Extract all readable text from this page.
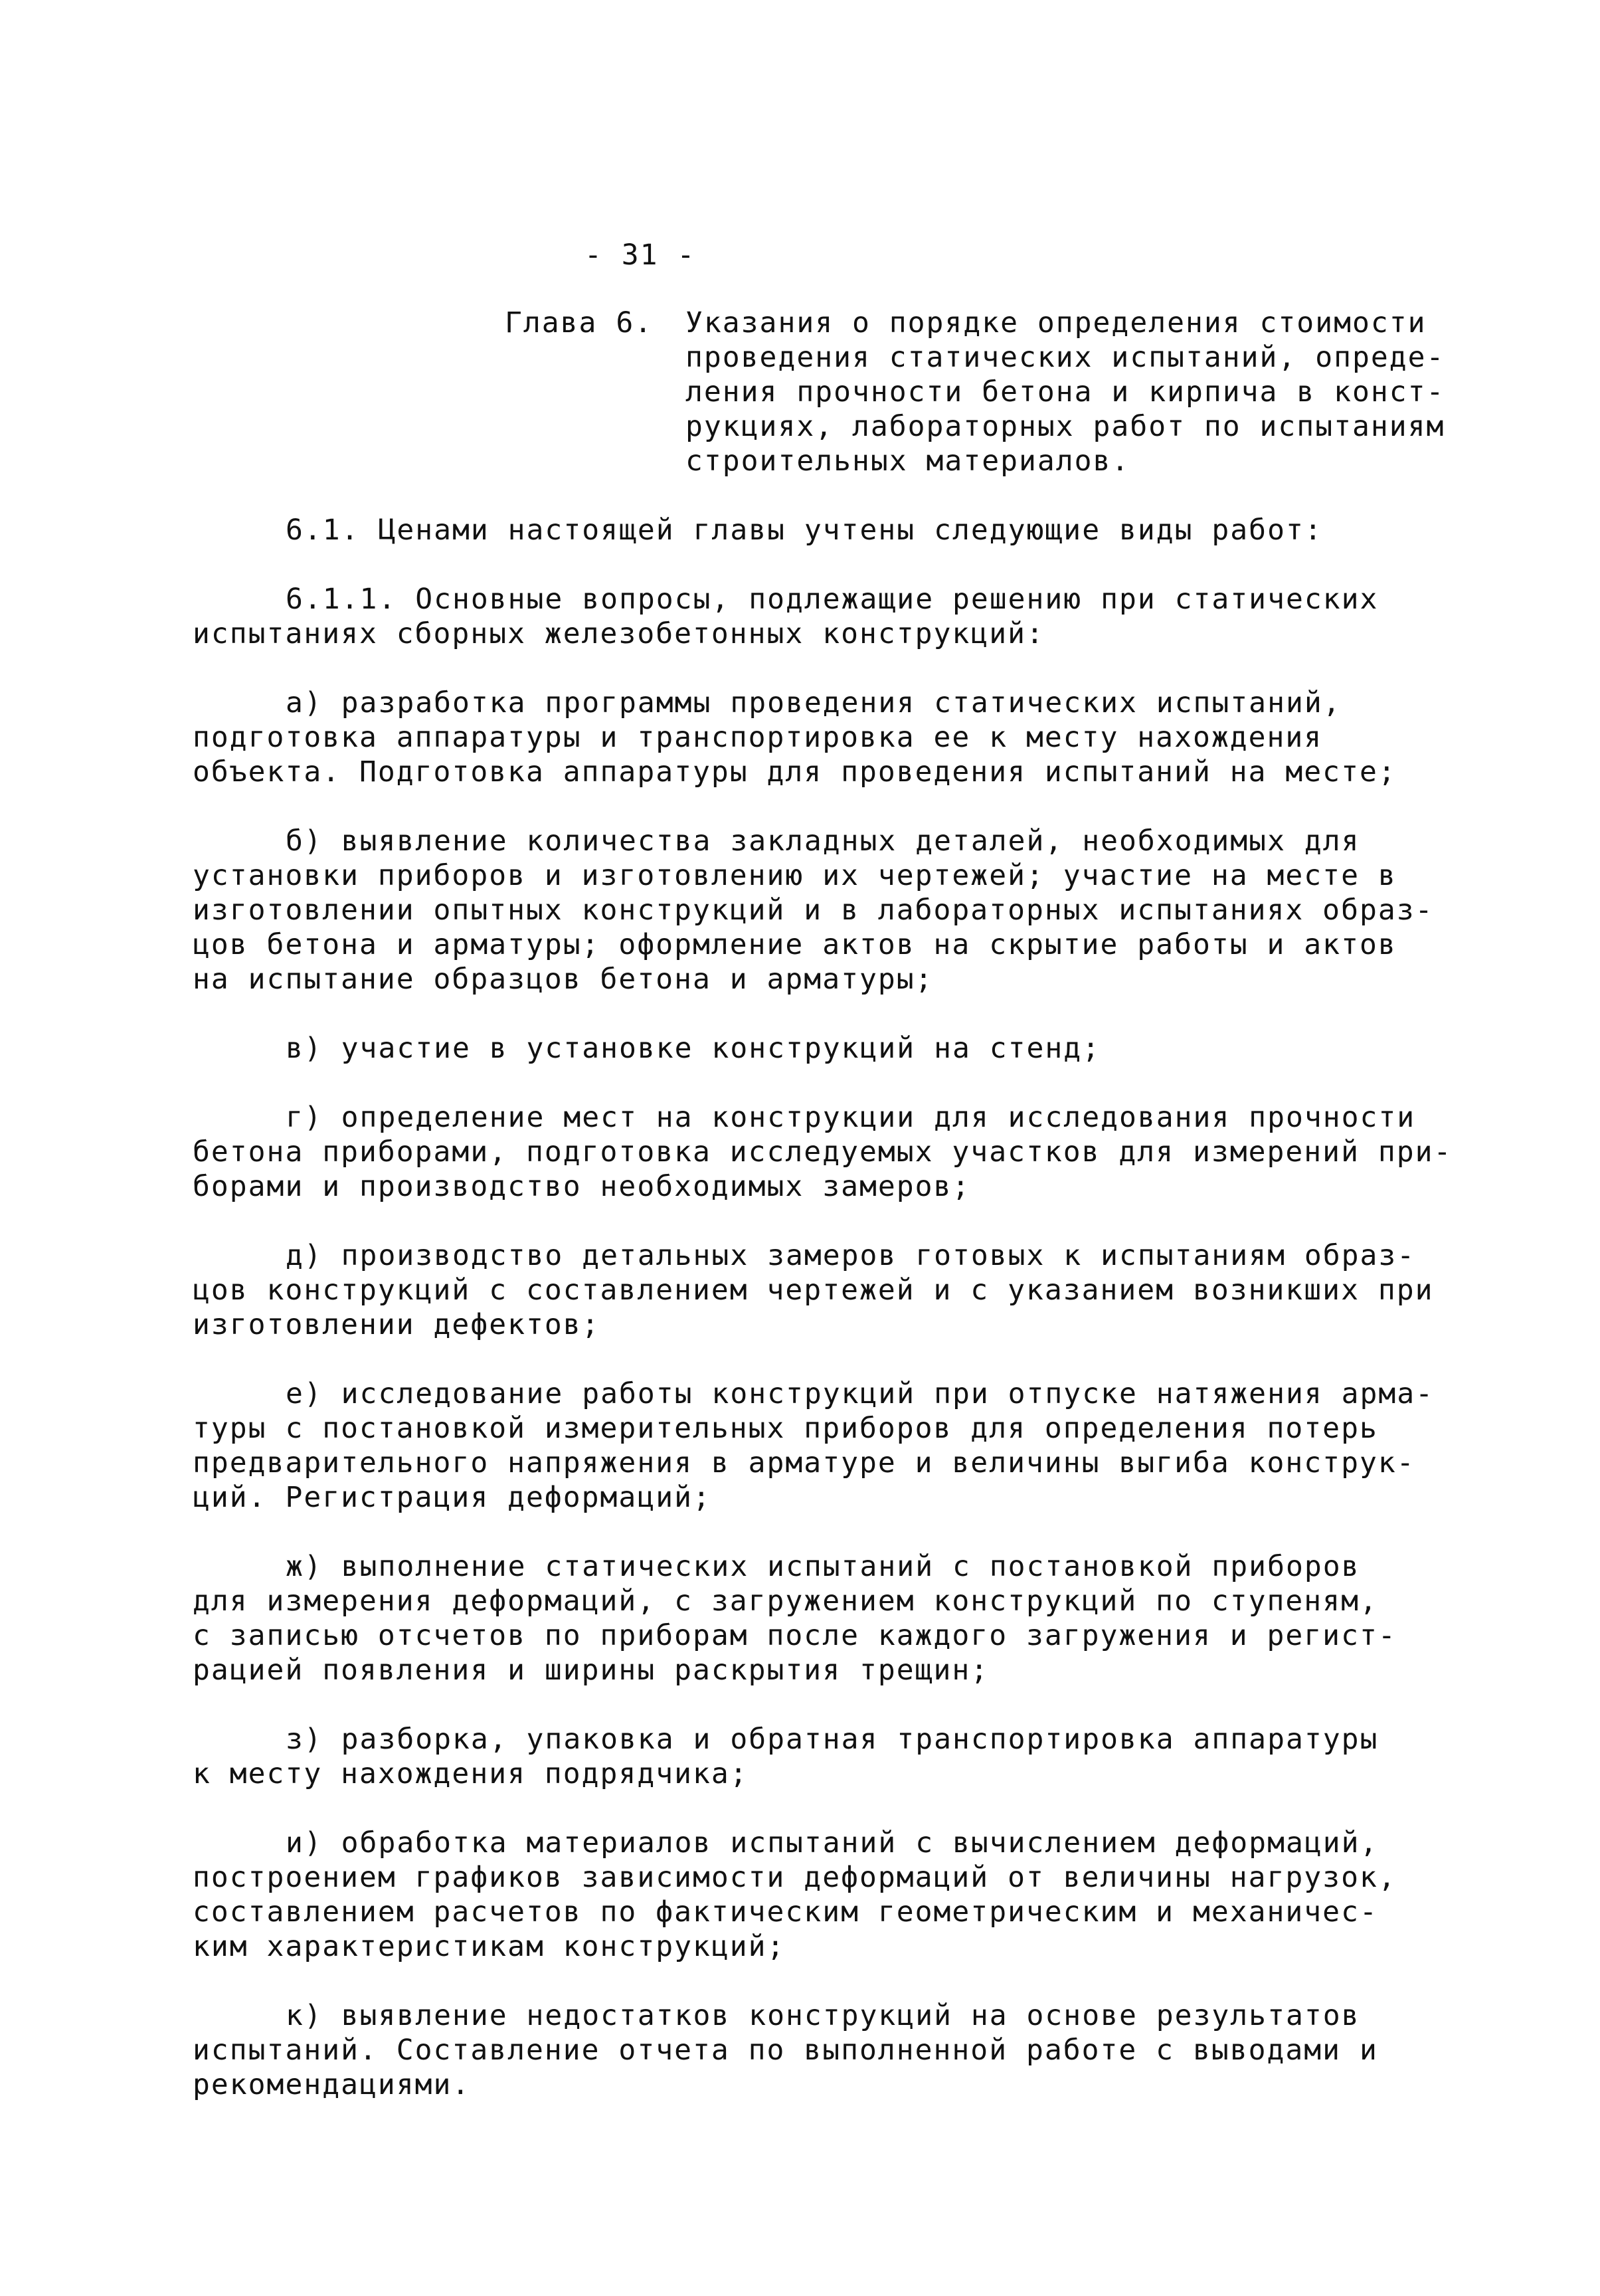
- 31 -

Глава 6. Указания о порядке определения стоимости

проведения статических испытаний, опреде-

ления прочности бетона и кирпича в конст-

рукциях, лабораторных работ по испытаниям

строительных материалов.

6.1. Ценами настоящей главы учтены следующие виды работ:

6.1.1. Основные вопросы, подлежащие решению при статических

испытаниях сборных железобетонных конструкций:

а) разработка программы проведения статических испытаний,

подготовка аппаратуры и транспортировка ее к месту нахождения

объекта. Подготовка аппаратуры для проведения испытаний на месте;

б) выявление количества закладных деталей, необходимых для

установки приборов и изготовлению их чертежей; участие на месте в

изготовлении опытных конструкций и в лабораторных испытаниях образ-

цов бетона и арматуры; оформление актов на скрытие работы и актов

на испытание образцов бетона и арматуры;

в) участие в установке конструкций на стенд;

г) определение мест на конструкции для исследования прочности

бетона приборами, подготовка исследуемых участков для измерений при-

борами и производство необходимых замеров;

д) производство детальных замеров готовых к испытаниям образ-

цов конструкций с составлением чертежей и с указанием возникших при

изготовлении дефектов;

е) исследование работы конструкций при отпуске натяжения арма-

туры с постановкой измерительных приборов для определения потерь

предварительного напряжения в арматуре и величины выгиба конструк-

ций. Регистрация деформаций;

ж) выполнение статических испытаний с постановкой приборов

для измерения деформаций, с загружением конструкций по ступеням,

с записью отсчетов по приборам после каждого загружения и регист-

рацией появления и ширины раскрытия трещин;

з) разборка, упаковка и обратная транспортировка аппаратуры

к месту нахождения подрядчика;

и) обработка материалов испытаний с вычислением деформаций,

построением графиков зависимости деформаций от величины нагрузок,

составлением расчетов по фактическим геометрическим и механичес-

ким характеристикам конструкций;

к) выявление недостатков конструкций на основе результатов

испытаний. Составление отчета по выполненной работе с выводами и

рекомендациями.
